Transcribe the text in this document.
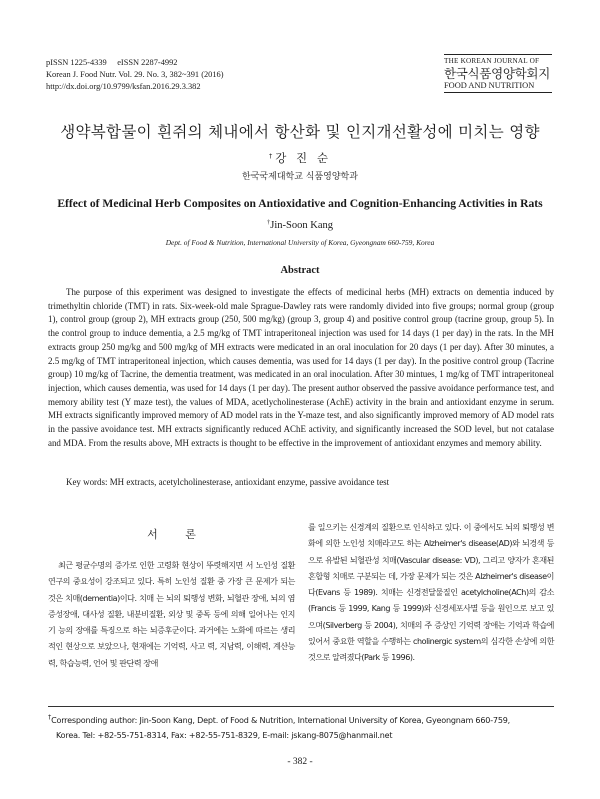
pISSN 1225-4339     eISSN 2287-4992
Korean J. Food Nutr. Vol. 29. No. 3, 382~391 (2016)
http://dx.doi.org/10.9799/ksfan.2016.29.3.382
THE KOREAN JOURNAL OF
한국식품영양학회지
FOOD AND NUTRITION
생약복합물이 흰쥐의 체내에서 항산화 및 인지개선활성에 미치는 영향
†강 진 순
한국국제대학교 식품영양학과
Effect of Medicinal Herb Composites on Antioxidative and Cognition-Enhancing Activities in Rats
†Jin-Soon Kang
Dept. of Food & Nutrition, International University of Korea, Gyeongnam 660-759, Korea
Abstract

The purpose of this experiment was designed to investigate the effects of medicinal herbs (MH) extracts on dementia induced by trimethyltin chloride (TMT) in rats. Six-week-old male Sprague-Dawley rats were randomly divided into five groups; normal group (group 1), control group (group 2), MH extracts group (250, 500 mg/kg) (group 3, group 4) and positive control group (tacrine group, group 5). In the control group to induce dementia, a 2.5 mg/kg of TMT intraperitoneal injection was used for 14 days (1 per day) in the rats. In the MH extracts group 250 mg/kg and 500 mg/kg of MH extracts were medicated in an oral inoculation for 20 days (1 per day). After 30 minutes, a 2.5 mg/kg of TMT intraperitoneal injection, which causes dementia, was used for 14 days (1 per day). In the positive control group (Tacrine group) 10 mg/kg of Tacrine, the dementia treatment, was medicated in an oral inoculation. After 30 mintues, 1 mg/kg of TMT intraperitoneal injection, which causes dementia, was used for 14 days (1 per day). The present author observed the passive avoidance performance test, and memory ability test (Y maze test), the values of MDA, acetlycholinesterase (AchE) activity in the brain and antioxidant enzyme in serum. MH extracts significantly improved memory of AD model rats in the Y-maze test, and also significantly improved memory of AD model rats in the passive avoidance test. MH extracts significantly reduced AChE activity, and significantly increased the SOD level, but not catalase and MDA. From the results above, MH extracts is thought to be effective in the improvement of antioxidant enzymes and memory ability.

Key words: MH extracts, acetylcholinesterase, antioxidant enzyme, passive avoidance test
서 론
최근 평균수명의 증가로 인한 고령화 현상이 뚜렷해지면 서 노인성 질환 연구의 중요성이 강조되고 있다. 특히 노인성 질환 중 가장 큰 문제가 되는 것은 치매(dementia)이다. 치매 는 뇌의 퇴행성 변화, 뇌혈관 장애, 뇌의 염증성장애, 대사성 질환, 내분비질환, 외상 및 중독 등에 의해 일어나는 인지기 능의 장애를 특징으로 하는 뇌증후군이다. 과거에는 노화에 따르는 생리적인 현상으로 보았으나, 현재에는 기억력, 사고 력, 지남력, 이해력, 계산능력, 학습능력, 언어 및 판단력 장애
를 일으키는 신경계의 질환으로 인식하고 있다. 이 중에서도 뇌의 퇴행성 변화에 의한 노인성 치매라고도 하는 Alzheimer's disease(AD)와 뇌경색 등으로 유발된 뇌혈관성 치매(Vascular disease: VD), 그리고 양자가 혼재된 혼합형 치매로 구분되는 데, 가장 문제가 되는 것은 Alzheimer's disease이다(Evans 등 1989). 치매는 신경전달물질인 acetylcholine(ACh)의 감소(Francis 등 1999, Kang 등 1999)와 신경세포사멸 등을 원인으로 보고 있으며(Silverberg 등 2004), 치매의 주 증상인 기억력 장애는 기억과 학습에 있어서 중요한 역할을 수행하는 cholinergic system의 심각한 손상에 의한 것으로 알려졌다(Park 등 1996).
†Corresponding author: Jin-Soon Kang, Dept. of Food & Nutrition, International University of Korea, Gyeongnam 660-759,
Korea. Tel: +82-55-751-8314, Fax: +82-55-751-8329, E-mail: jskang-8075@hanmail.net
- 382 -
